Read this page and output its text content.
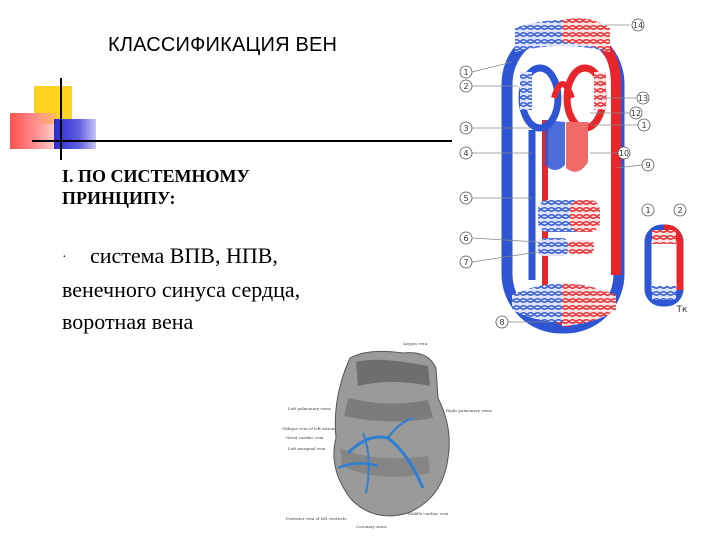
КЛАССИФИКАЦИЯ ВЕН
I. ПО СИСТЕМНОМУ
ПРИНЦИПУ:
· система ВПВ, НПВ, венечного синуса сердца, воротная вена
14
1
2
13
12
1
3
4	10
9
5
6
7
8
1	2
Тк
Left pulmonary veins
Oblique vein of left atrium
Great cardiac vein
Left marginal vein
Right pulmonary veins
Azygos vein
Posterior vein of left ventricle
Middle cardiac vein
Coronary sinus
